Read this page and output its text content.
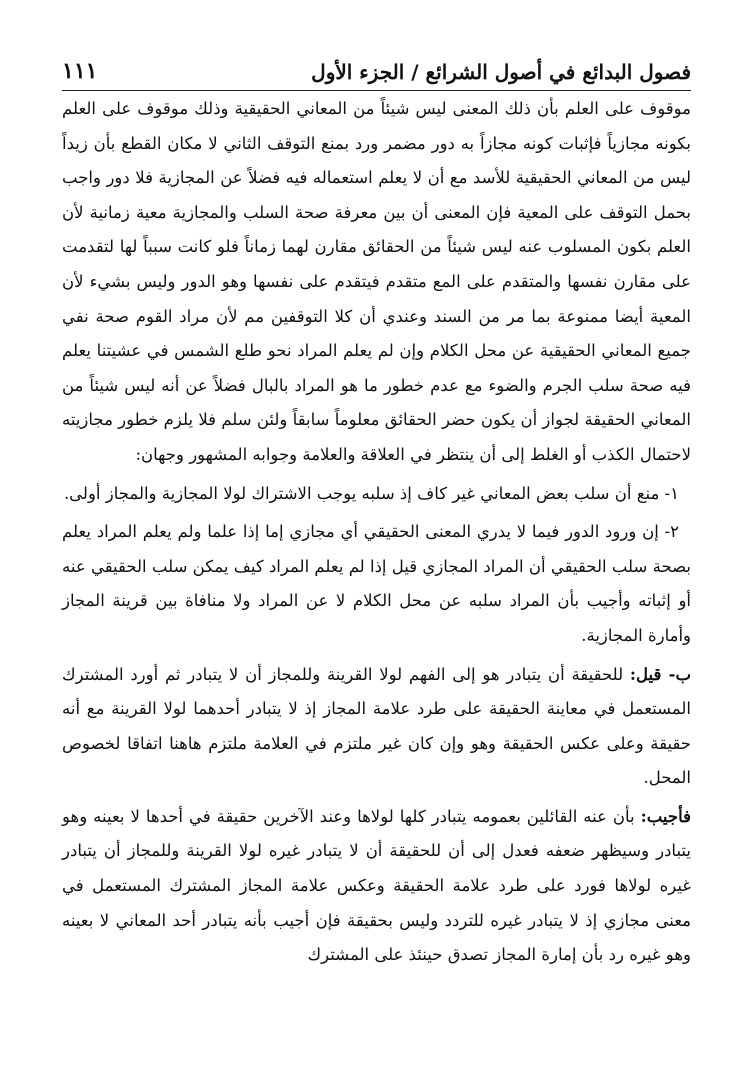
١١١	فصول البدائع في أصول الشرائع / الجزء الأول

موقوف على العلم بأن ذلك المعنى ليس شيئاً من المعاني الحقيقية وذلك موقوف على العلم بكونه مجازياً فإثبات كونه مجازاً به دور مضمر ورد بمنع التوقف الثاني لا مكان القطع بأن زيداً ليس من المعاني الحقيقية للأسد مع أن لا يعلم استعماله فيه فضلاً عن المجازية فلا دور واجب بحمل التوقف على المعية فإن المعنى أن بين معرفة صحة السلب والمجازية معية زمانية لأن العلم بكون المسلوب عنه ليس شيئاً من الحقائق مقارن لهما زماناً فلو كانت سبباً لها لتقدمت على مقارن نفسها والمتقدم على المع متقدم فيتقدم على نفسها وهو الدور وليس بشيء لأن المعية أيضا ممنوعة بما مر من السند وعندي أن كلا التوقفين مم لأن مراد القوم صحة نفي جميع المعاني الحقيقية عن محل الكلام وإن لم يعلم المراد نحو طلع الشمس في عشيتنا يعلم فيه صحة سلب الجرم والضوء مع عدم خطور ما هو المراد بالبال فضلاً عن أنه ليس شيئاً من المعاني الحقيقة لجواز أن يكون حضر الحقائق معلوماً سابقاً ولئن سلم فلا يلزم خطور مجازيته لاحتمال الكذب أو الغلط إلى أن ينتظر في العلاقة والعلامة وجوابه المشهور وجهان:

١- منع أن سلب بعض المعاني غير كاف إذ سلبه يوجب الاشتراك لولا المجازية والمجاز أولى.

٢- إن ورود الدور فيما لا يدري المعنى الحقيقي أي مجازي إما إذا علما ولم يعلم المراد يعلم بصحة سلب الحقيقي أن المراد المجازي قيل إذا لم يعلم المراد كيف يمكن سلب الحقيقي عنه أو إثباته وأجيب بأن المراد سلبه عن محل الكلام لا عن المراد ولا منافاة بين قرينة المجاز وأمارة المجازية.

ب- قيل: للحقيقة أن يتبادر هو إلى الفهم لولا القرينة وللمجاز أن لا يتبادر ثم أورد المشترك المستعمل في معاينة الحقيقة على طرد علامة المجاز إذ لا يتبادر أحدهما لولا القرينة مع أنه حقيقة وعلى عكس الحقيقة وهو وإن كان غير ملتزم في العلامة ملتزم هاهنا اتفاقا لخصوص المحل.

فأجيب: بأن عنه القائلين بعمومه يتبادر كلها لولاها وعند الآخرين حقيقة في أحدها لا بعينه وهو يتبادر وسيظهر ضعفه فعدل إلى أن للحقيقة أن لا يتبادر غيره لولا القرينة وللمجاز أن يتبادر غيره لولاها فورد على طرد علامة الحقيقة وعكس علامة المجاز المشترك المستعمل في معنى مجازي إذ لا يتبادر غيره للتردد وليس بحقيقة فإن أجيب بأنه يتبادر أحد المعاني لا بعينه وهو غيره رد بأن إمارة المجاز تصدق حينئذ على المشترك
